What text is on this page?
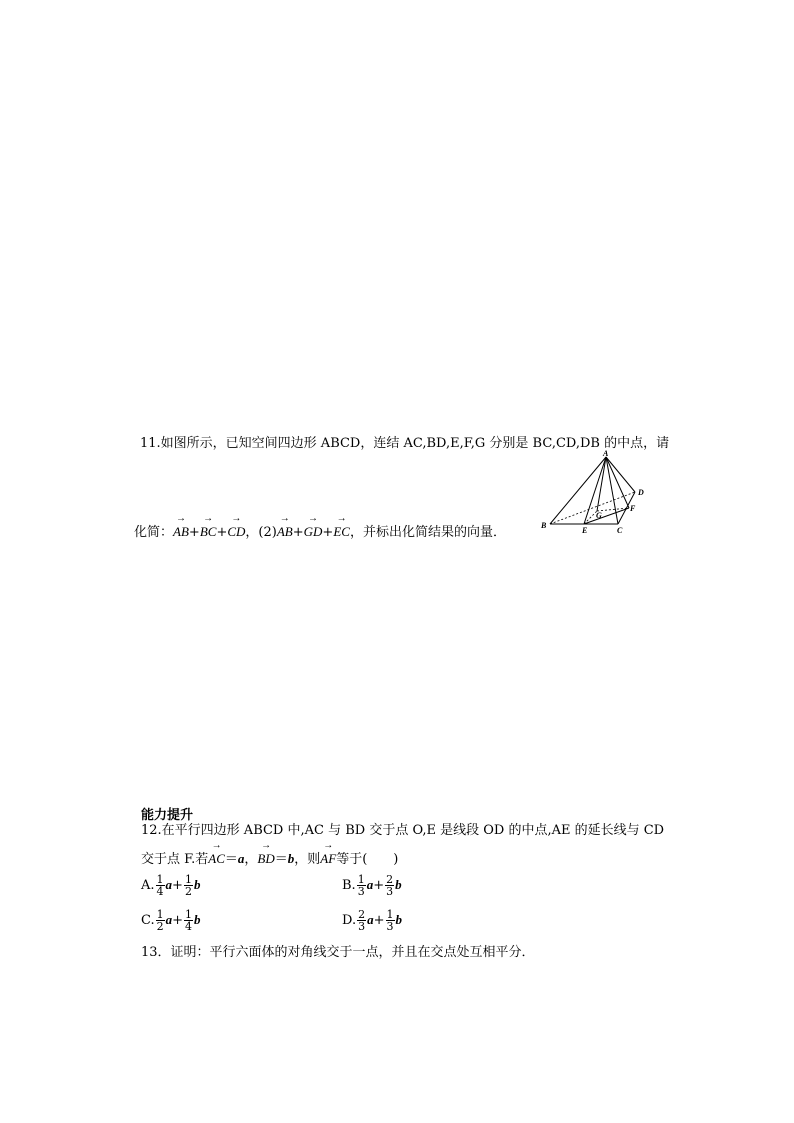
11.如图所示，已知空间四边形 ABCD，连结 AC,BD,E,F,G 分别是 BC,CD,DB 的中点，请
化简：→ AB+→ BC+→ CD，(2)→ AB+→ GD+→ EC，并标出化简结果的向量．
A
B
C
D
E
F
G
能力提升
12.在平行四边形 ABCD 中,AC 与 BD 交于点 O,E 是线段 OD 的中点,AE 的延长线与 CD
交于点 F.若→ AC＝a，→ BD＝b，则→ AF等于(　　)
A. $\frac{1}{4} a+ \frac{1}{2}$ b	B. $\frac{1}{3} a+ \frac{2}{3}$ b
C. $\frac{1}{2} a+ \frac{1}{4}$ b	D. $\frac{2}{3} a+ \frac{1}{3}$ b
13．证明：平行六面体的对角线交于一点，并且在交点处互相平分．
